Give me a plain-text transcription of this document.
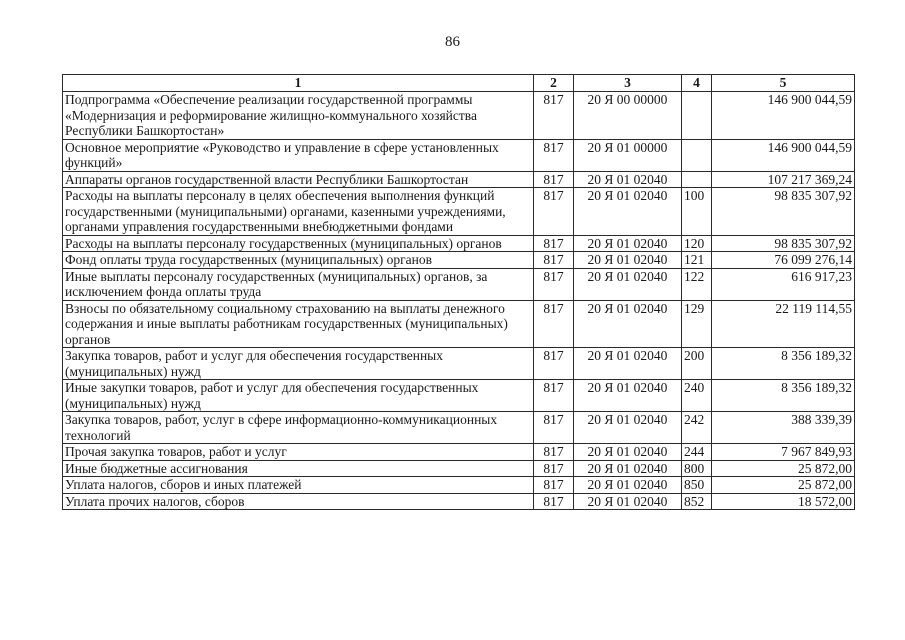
86
1	2	3	4	5
Подпрограмма «Обеспечение реализации государственной программы «Модернизация и реформирование жилищно-коммунального хозяйства Республики Башкортостан»	817	20 Я 00 00000		146 900 044,59
Основное мероприятие «Руководство и управление в сфере установленных функций»	817	20 Я 01 00000		146 900 044,59
Аппараты органов государственной власти Республики Башкортостан	817	20 Я 01 02040		107 217 369,24
Расходы на выплаты персоналу в целях обеспечения выполнения функций государственными (муниципальными) органами, казенными учреждениями, органами управления государственными внебюджетными фондами	817	20 Я 01 02040	100	98 835 307,92
Расходы на выплаты персоналу государственных (муниципальных) органов	817	20 Я 01 02040	120	98 835 307,92
Фонд оплаты труда государственных (муниципальных) органов	817	20 Я 01 02040	121	76 099 276,14
Иные выплаты персоналу государственных (муниципальных) органов, за исключением фонда оплаты труда	817	20 Я 01 02040	122	616 917,23
Взносы по обязательному социальному страхованию на выплаты денежного содержания и иные выплаты работникам государственных (муниципальных) органов	817	20 Я 01 02040	129	22 119 114,55
Закупка товаров, работ и услуг для обеспечения государственных (муниципальных) нужд	817	20 Я 01 02040	200	8 356 189,32
Иные закупки товаров, работ и услуг для обеспечения государственных (муниципальных) нужд	817	20 Я 01 02040	240	8 356 189,32
Закупка товаров, работ, услуг в сфере информационно-коммуникационных технологий	817	20 Я 01 02040	242	388 339,39
Прочая закупка товаров, работ и услуг	817	20 Я 01 02040	244	7 967 849,93
Иные бюджетные ассигнования	817	20 Я 01 02040	800	25 872,00
Уплата налогов, сборов и иных платежей	817	20 Я 01 02040	850	25 872,00
Уплата прочих налогов, сборов	817	20 Я 01 02040	852	18 572,00
